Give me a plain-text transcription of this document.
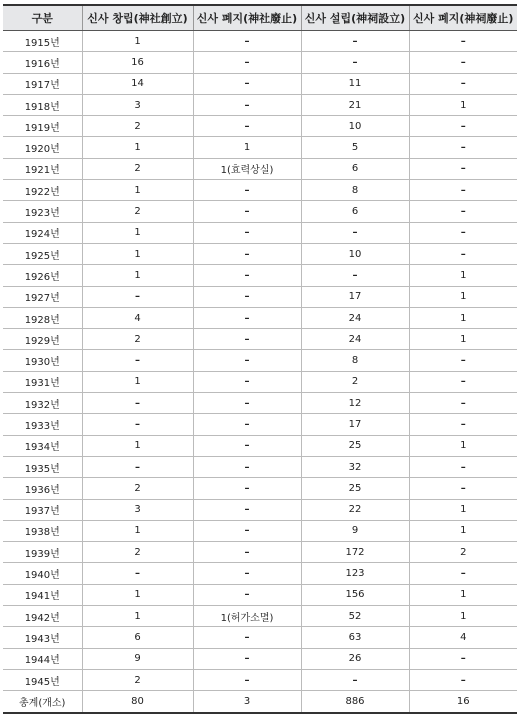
구분	신사 창립(神社創立)	신사 폐지(神社廢止)	신사 설립(神祠設立)	신사 폐지(神祠廢止)
1915년	1	–	–	–
1916년	16	–	–	–
1917년	14	–	11	–
1918년	3	–	21	1
1919년	2	–	10	–
1920년	1	1	5	–
1921년	2	1(효력상실)	6	–
1922년	1	–	8	–
1923년	2	–	6	–
1924년	1	–	–	–
1925년	1	–	10	–
1926년	1	–	–	1
1927년	–	–	17	1
1928년	4	–	24	1
1929년	2	–	24	1
1930년	–	–	8	–
1931년	1	–	2	–
1932년	–	–	12	–
1933년	–	–	17	–
1934년	1	–	25	1
1935년	–	–	32	–
1936년	2	–	25	–
1937년	3	–	22	1
1938년	1	–	9	1
1939년	2	–	172	2
1940년	–	–	123	–
1941년	1	–	156	1
1942년	1	1(허가소멸)	52	1
1943년	6	–	63	4
1944년	9	–	26	–
1945년	2	–	–	–
총계(개소)	80	3	886	16
